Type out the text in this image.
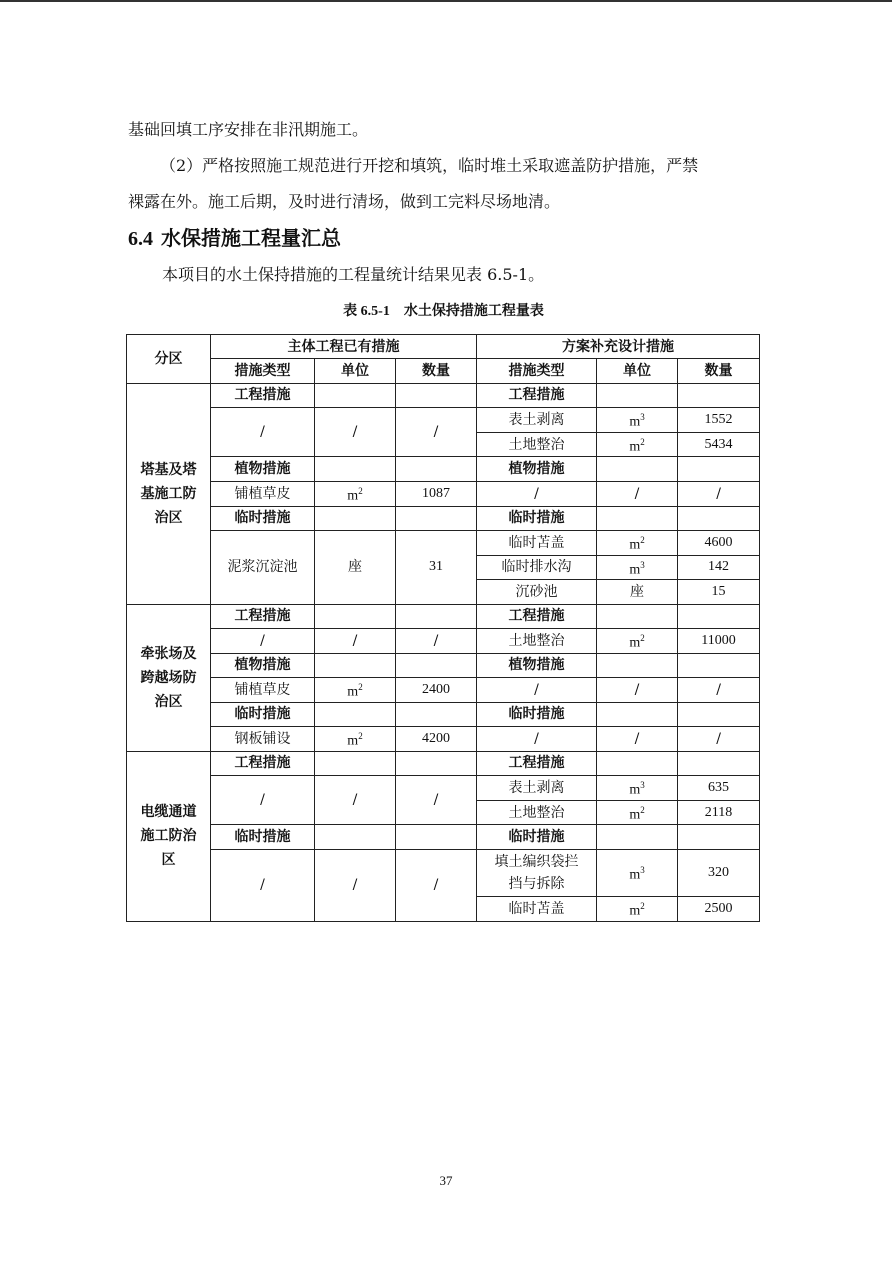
基础回填工序安排在非汛期施工。

（2）严格按照施工规范进行开挖和填筑，临时堆土采取遮盖防护措施，严禁

裸露在外。施工后期，及时进行清场，做到工完料尽场地清。

6.4 水保措施工程量汇总

本项目的水土保持措施的工程量统计结果见表 6.5-1。

表 6.5-1 水土保持措施工程量表
分区	主体工程已有措施			方案补充设计措施		
	措施类型	单位	数量	措施类型	单位	数量

塔基及塔基施工防治区	工程措施			工程措施		
	/	/	/	表土剥离	$m^3$	1552
				土地整治	$m^2$	5434
	植物措施			植物措施		
	铺植草皮	$m^2$	1087	/	/	/
	临时措施			临时措施		
	泥浆沉淀池	座	31	临时苫盖	$m^2$	4600
				临时排水沟	$m^3$	142
				沉砂池	座	15

牵张场及跨越场防治区	工程措施			工程措施		
	/	/	/	土地整治	$m^2$	11000
	植物措施			植物措施		
	铺植草皮	$m^2$	2400	/	/	/
	临时措施			临时措施		
	钢板铺设	$m^2$	4200	/	/	/

电缆通道施工防治区	工程措施			工程措施		
	/	/	/	表土剥离	$m^3$	635
				土地整治	$m^2$	2118
	临时措施			临时措施		
	/	/	/	填土编织袋拦挡与拆除	$m^3$	320
				临时苫盖	$m^2$	2500
37
